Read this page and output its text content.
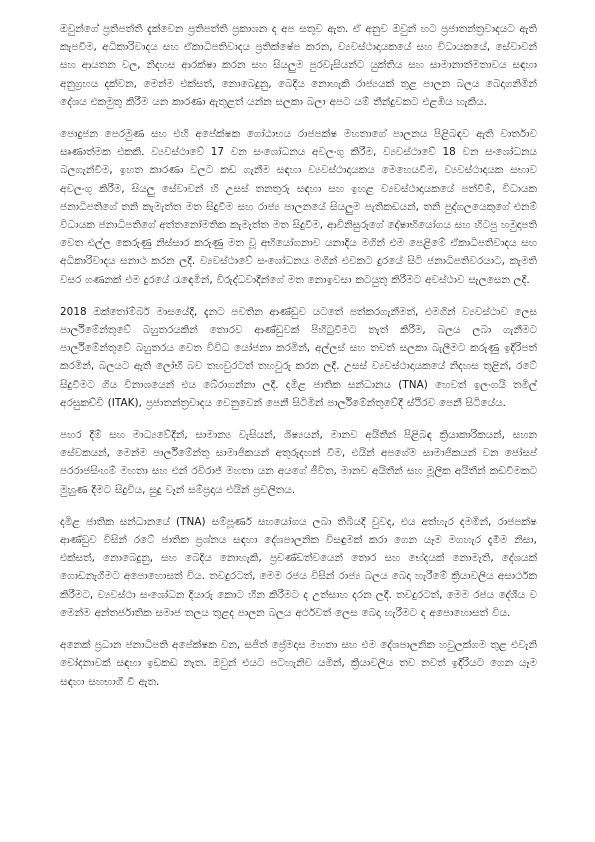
ඔවුන්ගේ ප්‍රතිපත්ති දැක්වෙන ප්‍රතිපත්ති ප්‍රකාශන ද අප සතුව ඇත. ඒ අනුව ඔවුන් හට ප්‍රජාතන්ත්‍රවාදයට ඇති කැපවීම, අධිකාරිවාදය සහ ඒකාධිපතිවාදය ප්‍රතික්ෂේප කරන, ව්‍යවස්ථාදායකයේ සහ විධායකයේ, සේවාවන් සහ ආයතන වල, නිදහස ආරක්ෂා කරන සහ සියලුම පුරවැසියන්ට යුක්තිය සහ සාමානාත්මතාවය සඳහා අනුග්‍රහය දක්වන, මෙන්ම එක්සත්, නොබෙදුනු, බෙදිය නොහැකි රාජ්‍යයක් තුළ පාලන බලය බෙදාගනිමින් දේශය එකමුතු කිරීම යන කාරණා ඇතුළත් යන්න සලකා බලා අපට යම් තීන්දුවකට එළඹිය හැකිය.

පොදුජන පෙරමුණ සහ එහි අපේක්ෂක ගෝඨාභය රාජපක්ෂ මහතාගේ පාලනය පිළිබඳව ඇති වාර්තාව සෘණාත්මක එකකි. ව්‍යවස්ථාවේ 17 වන සංශෝධනය අවලංගු කිරීම, ව්‍යවස්ථාවේ 18 වන සංශෝධනය බලගැන්වීම, ඉහත කාරණා වලට කඩ ගැනීම සඳහා ව්‍යවස්ථාදායකය මෙහෙයවීම, ව්‍යවස්ථාදායක සභාව අවලංගු කිරීම, සියලු සේවාවන් හි උසස් තනතුරු සඳහා සහ ඉහළ ව්‍යවස්ථාදායකයේ පත්වීම්, විධායක ජනාධිපතිගේ තනි කැමැත්ත මත සිදුවීම සහ රාජ්‍ය පාලනයේ සියලුම පැතිකඩයන්, තනි පුද්ගලයෙකුගේ එනම් විධායක ජනාධිපතිගේ අත්තනෝමතික කැමැත්ත මත සිදුවීම, ආවිනිසුරුගේ දෝෂාභියෝගය සහ හිටපු හමුදාපති වෙත එල්ල කෙරුණු නිස්සාර කරුණු මත වූ අභියෝගනාව යනාදිය මගින් එම පෙළිමේ ඒකාධිපතිවාදය සහ අධිකාරිවාදය සනාථ කරන ලදී. ව්‍යවස්ථාවේ සංශෝධනය මගින් එවකට දුරයේ සිටි ජනාධිපතිවරයාට, කැමති වසර ගණනක් එම දුරයේ රැඳෙමින්, විරුද්ධවාදීන්ගේ මත නොඉවසා කටයුතු කිරීමට අවස්ථාව සැලසෙන ලදී.

2018 ඔක්තෝම්බර් මාසයේදී, දැනට පවතින ආණ්ඩුව යටතේ පත්කරගැනීමත්, එමගින් ව්‍යවස්ථාව ලෙස පාර්ලිමේන්තුවේ බහුතරයකින් තොරව ආණ්ඩුවක් පිහිටුවීමට තැත් කිරීම, බලය ලබා ගැනීමට පාර්ලිමේන්තුවේ බහුතරය වෙත විවිධ යෝජනා කරමින්, අල්ලස් සහ තවත් සලකා බැලීමට කරුණු ඉදිරිපත් කරමින්, බලයට ඇති ලෝභී බව තහවුරටත් තහවුරු කරන ලදී. උසස් ව්‍යවස්ථාදායකයේ නිදහස තුළින්, රටේ සිදුවීමට ගිය විනාශයෙන් එය බේරාගන්නා ලදී. දමිළ ජාතික සන්ධානය (TNA) හෙවත් ඉලංගයි තමිල් අරසුකච්චි (ITAK), ප්‍රජාතන්ත්‍රවාදය වෙනුවෙන් පෙනී සිටිමින් පාර්ලිමේන්තුවේදී ස්ථිරව පෙනී සිටියේය.

පහර දීම් සහ මාධ්‍යවේදීන්, සාමාන්‍ය වැසියන්, ශිෂ්‍යයන්, මානව අයිතීන් පිළිබඳ ක්‍රියාකාරිකයන්, සහන සේවකයන්, මෙන්ම පාර්ලිමේන්තු සාමාජිකයන් අතුරුදහන් වීම, එයින් අපගේම සාමාජිකයන් වන ජෝසප් පරරාජසිංහම් මහතා සහ එන් රවිරාජ් මහතා යන අයගේ ජීවිත, මානව අයිතීන් සහ මූලික අයිතීන් කඩවීමකට මුහුණ දීමට සිදුවිය, සුදු වෑන් සම්ප්‍රදාය එයින් ප්‍රචලිතය.

දමිළ ජාතික සන්ධානයේ (TNA) සම්පූර්ණ සහයෝගය ලබා තිබියදී වුවද, එය අත්හැර දමමින්, රාජපක්ෂ ආණ්ඩුව විසින් රටේ ජාතික ප්‍රශ්නය සඳහා දේශපාලනික විසඳුමක් කරා ගෙන යෑම මගහැර දැමීම නිසා, එක්සත්, නොබෙදුනු, සහ බෙදිය නොහැකි, ප්‍රචණ්ඩත්වයෙන් තොර සහ භේදයක් නොමැති, දේශයක් ගොඩනැගීමට අපොහොසත් විය. තවදුරටත්, මෙම රජය විසින් රාජ්‍ය බලය බෙදා හැරීමේ ක්‍රියාවලිය අසාර්ථක කිරීමට, ව්‍යවස්ථා සංශෝධන දියාරු කොට හීන කිරීමට ද උත්සාහ දරන ලදී. තවදුරටත්, මෙම රජය දේශීය ව මෙන්ම අන්තර්ජාතික සමාජ තලය තුළද පාලන බලය අර්ථවත් ලෙස බෙදා හැරීමට ද අපොහොසත් විය.

අනෙක් ප්‍රධාන ජනාධිපති අපේක්ෂක වන, සජිත් ප්‍රේමදාස මහතා සහ එම දේශපාලනික හවුලක්ගම තුළ එවැනි චෝදනාවක් සඳහා ඉඩකඩ නැත. ඔවුන් එයට පටහැනිව යමින්, ක්‍රියාවලිය තව තවත් ඉදිරියට ගෙන යෑම සඳහා සහභාගී වී ඇත.
